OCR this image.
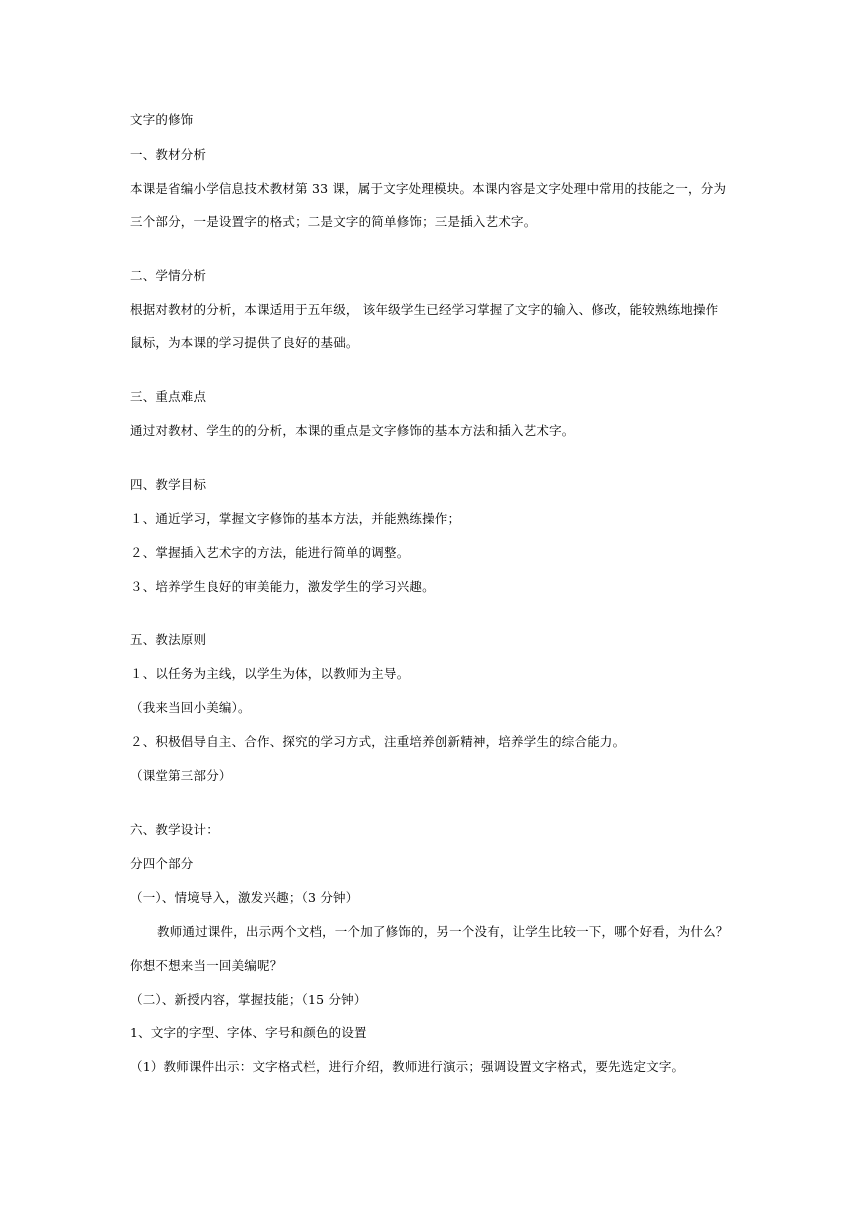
文字的修饰
一、教材分析
本课是省编小学信息技术教材第 33 课，属于文字处理模块。本课内容是文字处理中常用的技能之一，分为
三个部分，一是设置字的格式；二是文字的简单修饰；三是插入艺术字。
二、学情分析
根据对教材的分析，本课适用于五年级， 该年级学生已经学习掌握了文字的输入、修改，能较熟练地操作
鼠标，为本课的学习提供了良好的基础。
三、重点难点
通过对教材、学生的的分析，本课的重点是文字修饰的基本方法和插入艺术字。
四、教学目标
１、通近学习，掌握文字修饰的基本方法，并能熟练操作；
２、掌握插入艺术字的方法，能进行简单的调整。
３、培养学生良好的审美能力，激发学生的学习兴趣。
五、教法原则
１、以任务为主线，以学生为体，以教师为主导。
（我来当回小美编）。
２、积极倡导自主、合作、探究的学习方式，注重培养创新精神，培养学生的综合能力。
（课堂第三部分）
六、教学设计：
分四个部分
（一）、情境导入，激发兴趣；（3 分钟）
教师通过课件，出示两个文档，一个加了修饰的，另一个没有，让学生比较一下，哪个好看，为什么？
你想不想来当一回美编呢？
（二）、新授内容，掌握技能；（15 分钟）
1、文字的字型、字体、字号和颜色的设置
（1）教师课件出示：文字格式栏，进行介绍，教师进行演示；强调设置文字格式，要先选定文字。
